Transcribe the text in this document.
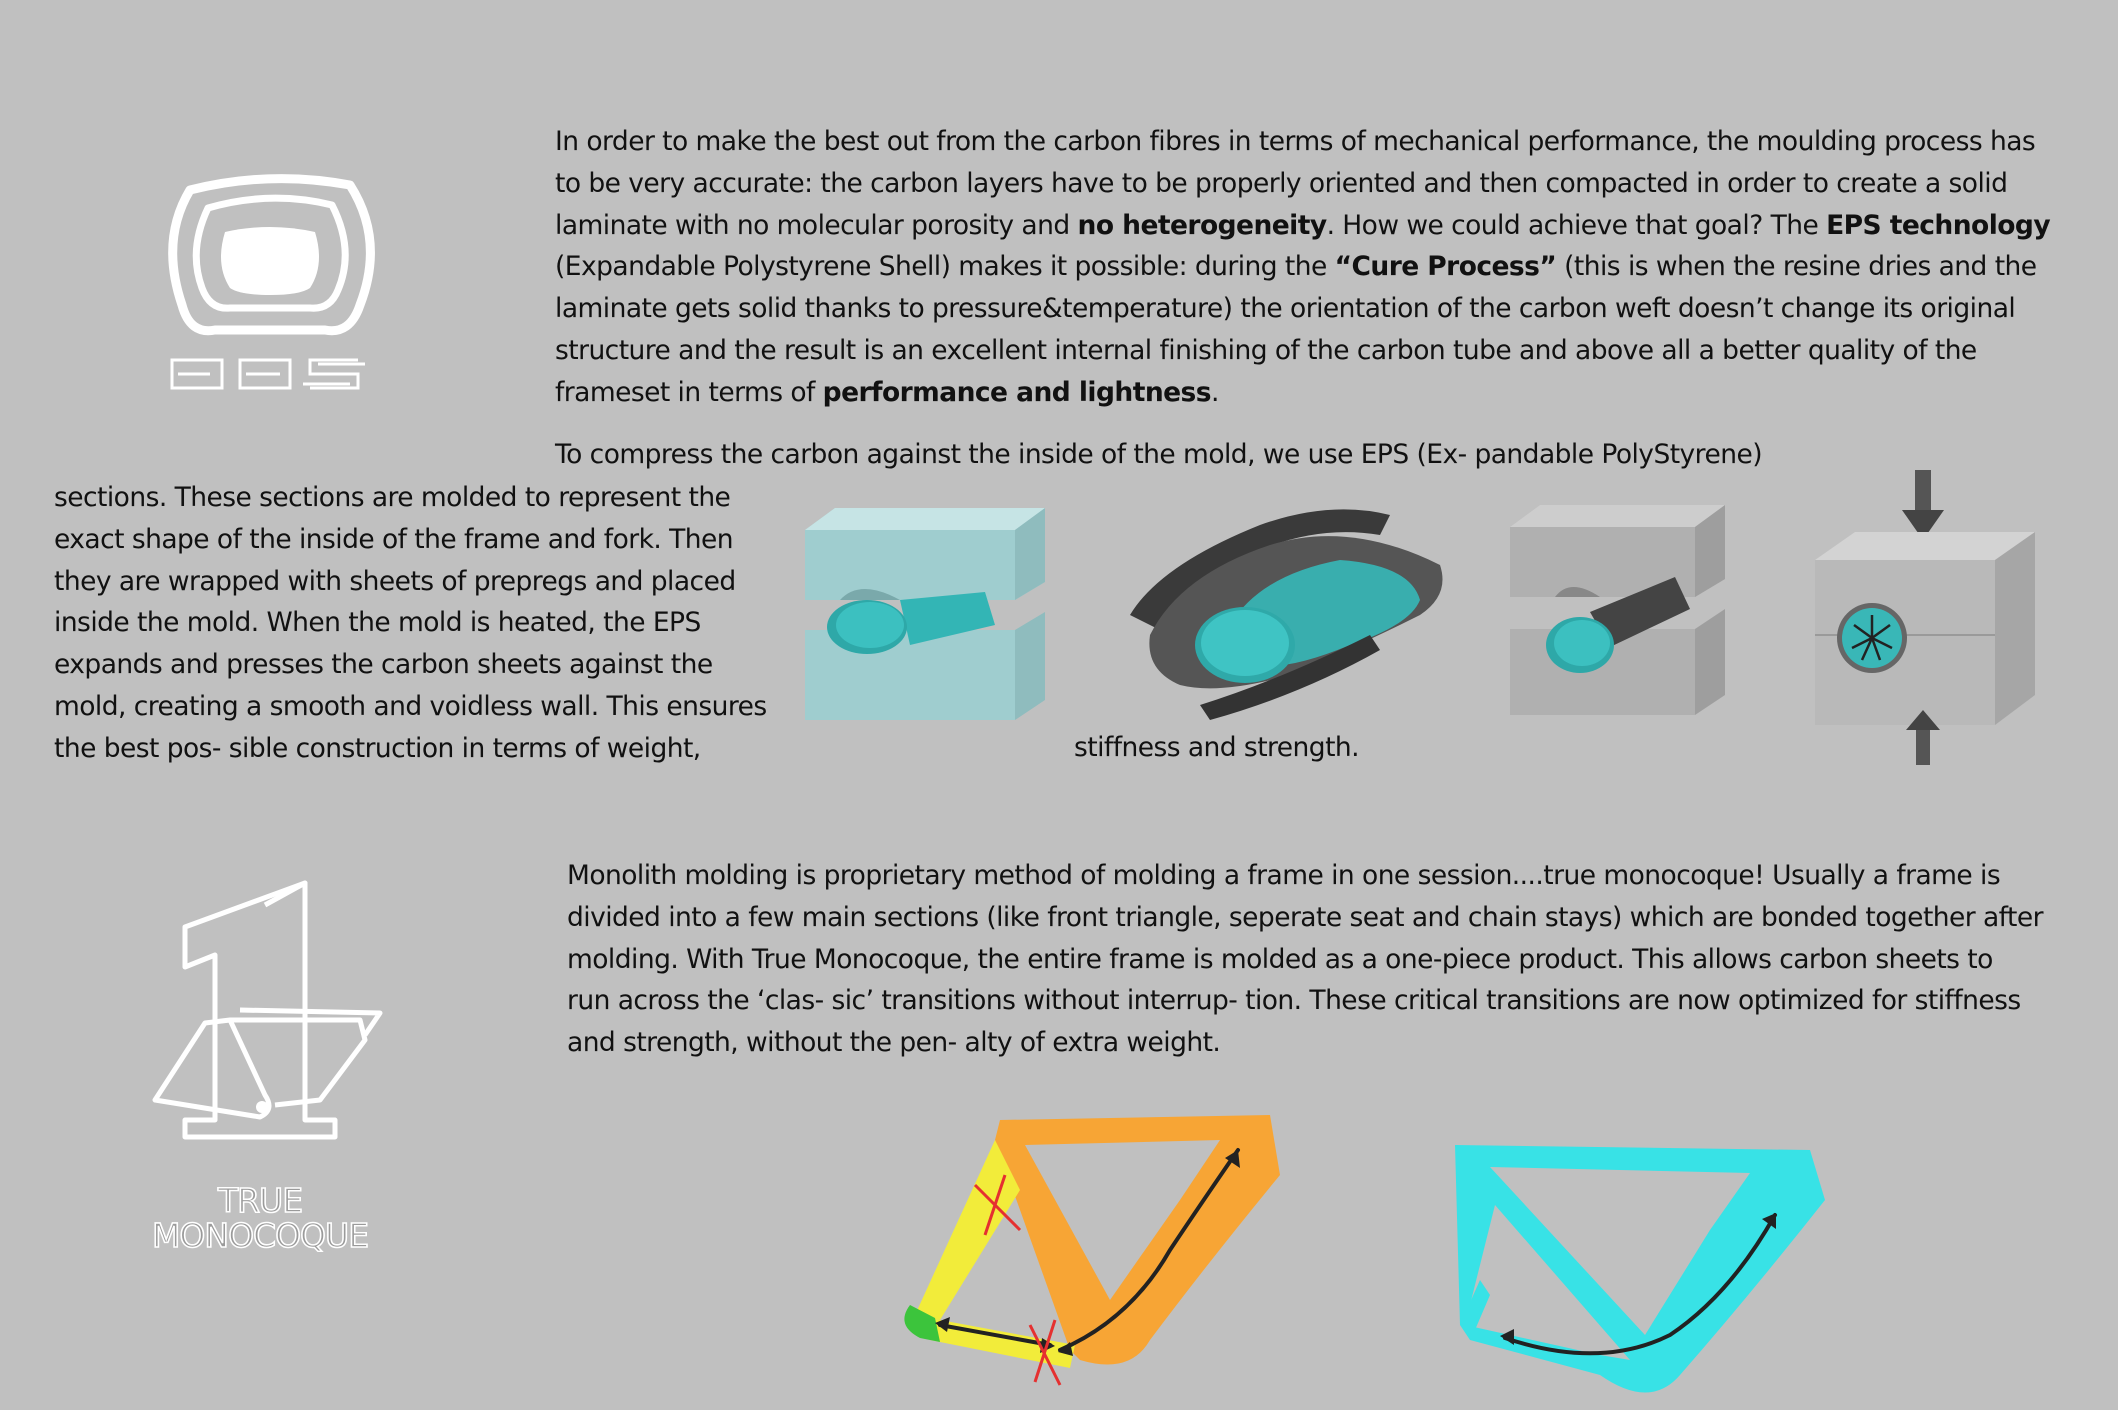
EPS

In order to make the best out from the carbon fibres in terms of mechanical performance, the moulding process has
to be very accurate: the carbon layers have to be properly oriented and then compacted in order to create a solid
laminate with no molecular porosity and no heterogeneity. How we could achieve that goal? The EPS technology
(Expandable Polystyrene Shell) makes it possible: during the “Cure Process” (this is when the resine dries and the
laminate gets solid thanks to pressure&temperature) the orientation of the carbon weft doesn’t change its original
structure and the result is an excellent internal finishing of the carbon tube and above all a better quality of the
frameset in terms of performance and lightness.

To compress the carbon against the inside of the mold, we use EPS (Ex- pandable PolyStyrene)

sections. These sections are molded to represent the
exact shape of the inside of the frame and fork. Then
they are wrapped with sheets of prepregs and placed
inside the mold. When the mold is heated, the EPS
expands and presses the carbon sheets against the
mold, creating a smooth and voidless wall. This ensures
the best pos- sible construction in terms of weight,	stiffness and strength.

TRUE
MONOCOQUE

Monolith molding is proprietary method of molding a frame in one session....true monocoque! Usually a frame is
divided into a few main sections (like front triangle, seperate seat and chain stays) which are bonded together after
molding. With True Monocoque, the entire frame is molded as a one-piece product. This allows carbon sheets to
run across the ‘clas- sic’ transitions without interrup- tion. These critical transitions are now optimized for stiffness
and strength, without the pen- alty of extra weight.
